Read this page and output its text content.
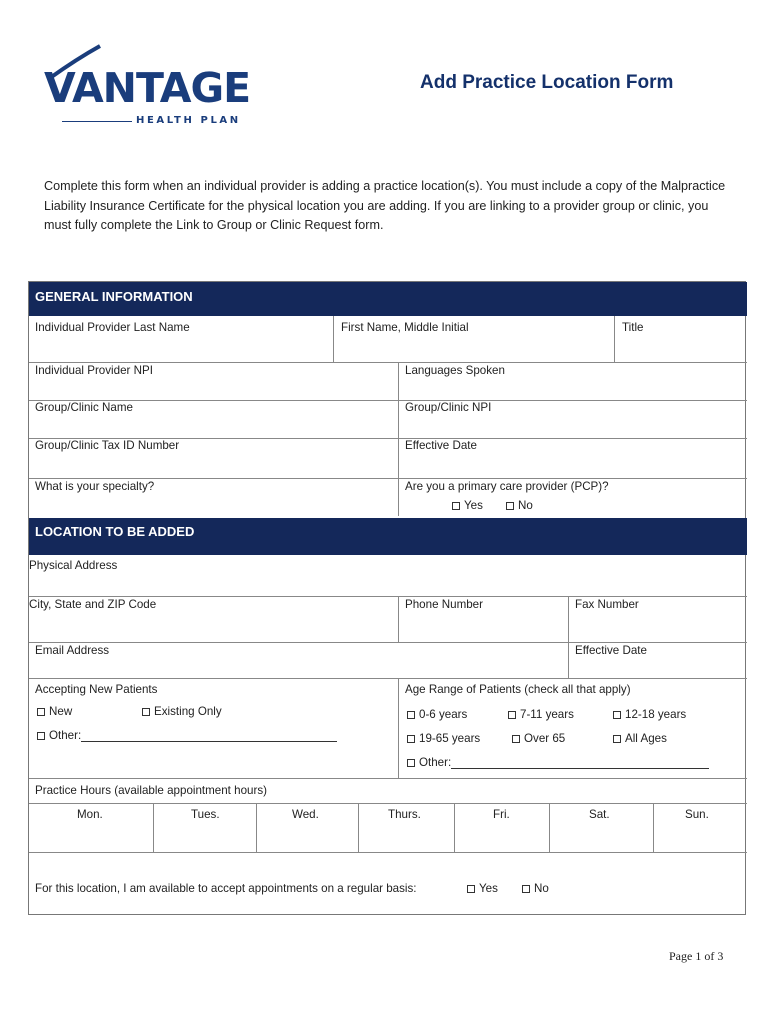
VANTAGE
HEALTH PLAN
Add Practice Location Form
Complete this form when an individual provider is adding a practice location(s). You must include a copy of the Malpractice Liability Insurance Certificate for the physical location you are adding. If you are linking to a provider group or clinic, you must fully complete the Link to Group or Clinic Request form.
GENERAL INFORMATION
Individual Provider Last Name	First Name, Middle Initial	Title
Individual Provider NPI	Languages Spoken
Group/Clinic Name	Group/Clinic NPI
Group/Clinic Tax ID Number	Effective Date
What is your specialty?	Are you a primary care provider (PCP)?
Yes	No
LOCATION TO BE ADDED
Physical Address
City, State and ZIP Code	Phone Number	Fax Number
Email Address	Effective Date
Accepting New Patients
New	Existing Only
Other:
Age Range of Patients (check all that apply)
0-6 years	7-11 years	12-18 years
19-65 years	Over 65	All Ages
Other:
Practice Hours (available appointment hours)
Mon.	Tues.	Wed.	Thurs.	Fri.	Sat.	Sun.
For this location, I am available to accept appointments on a regular basis:	Yes	No
Page 1 of 3
